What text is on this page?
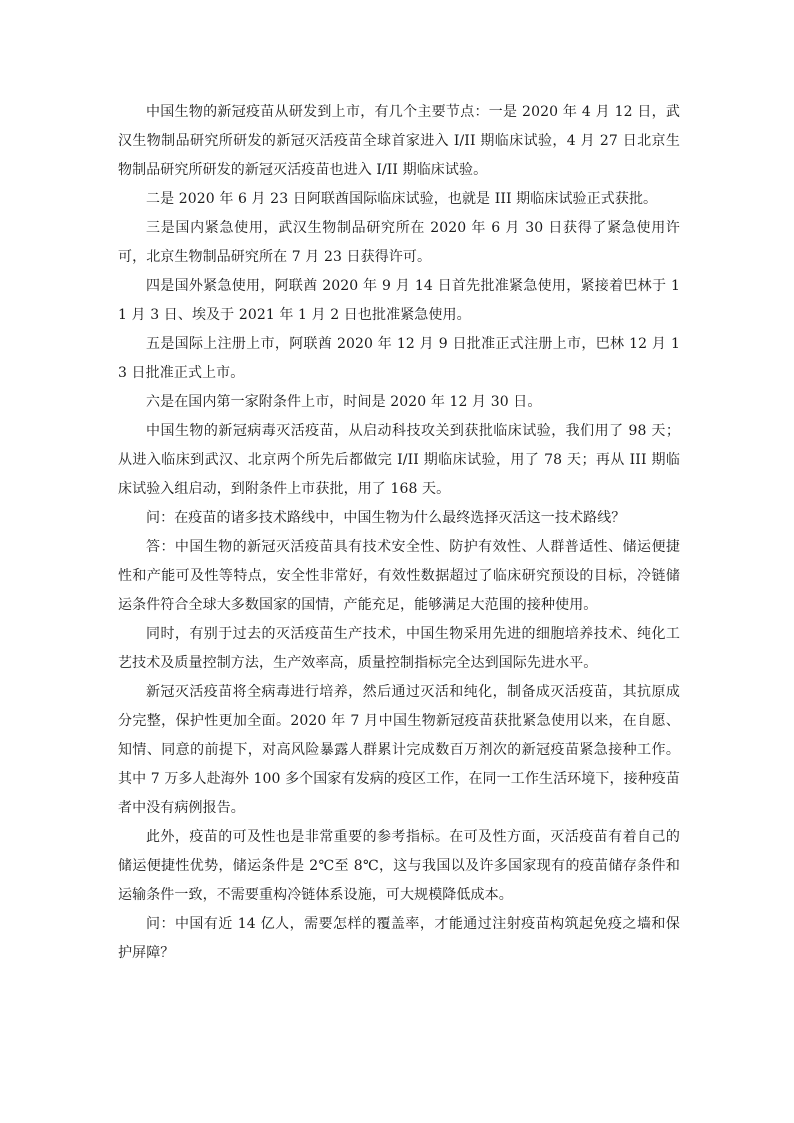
中国生物的新冠疫苗从研发到上市，有几个主要节点：一是 2020 年 4 月 12 日，武汉生物制品研究所研发的新冠灭活疫苗全球首家进入 I/II 期临床试验，4 月 27 日北京生物制品研究所研发的新冠灭活疫苗也进入 I/II 期临床试验。

二是 2020 年 6 月 23 日阿联酋国际临床试验，也就是 III 期临床试验正式获批。

三是国内紧急使用，武汉生物制品研究所在 2020 年 6 月 30 日获得了紧急使用许可，北京生物制品研究所在 7 月 23 日获得许可。

四是国外紧急使用，阿联酋 2020 年 9 月 14 日首先批准紧急使用，紧接着巴林于 11 月 3 日、埃及于 2021 年 1 月 2 日也批准紧急使用。

五是国际上注册上市，阿联酋 2020 年 12 月 9 日批准正式注册上市，巴林 12 月 13 日批准正式上市。

六是在国内第一家附条件上市，时间是 2020 年 12 月 30 日。

中国生物的新冠病毒灭活疫苗，从启动科技攻关到获批临床试验，我们用了 98 天；从进入临床到武汉、北京两个所先后都做完 I/II 期临床试验，用了 78 天；再从 III 期临床试验入组启动，到附条件上市获批，用了 168 天。

问：在疫苗的诸多技术路线中，中国生物为什么最终选择灭活这一技术路线？

答：中国生物的新冠灭活疫苗具有技术安全性、防护有效性、人群普适性、储运便捷性和产能可及性等特点，安全性非常好，有效性数据超过了临床研究预设的目标，冷链储运条件符合全球大多数国家的国情，产能充足，能够满足大范围的接种使用。

同时，有别于过去的灭活疫苗生产技术，中国生物采用先进的细胞培养技术、纯化工艺技术及质量控制方法，生产效率高，质量控制指标完全达到国际先进水平。

新冠灭活疫苗将全病毒进行培养，然后通过灭活和纯化，制备成灭活疫苗，其抗原成分完整，保护性更加全面。2020 年 7 月中国生物新冠疫苗获批紧急使用以来，在自愿、知情、同意的前提下，对高风险暴露人群累计完成数百万剂次的新冠疫苗紧急接种工作。其中 7 万多人赴海外 100 多个国家有发病的疫区工作，在同一工作生活环境下，接种疫苗者中没有病例报告。

此外，疫苗的可及性也是非常重要的参考指标。在可及性方面，灭活疫苗有着自己的储运便捷性优势，储运条件是 2℃至 8℃，这与我国以及许多国家现有的疫苗储存条件和运输条件一致，不需要重构冷链体系设施，可大规模降低成本。

问：中国有近 14 亿人，需要怎样的覆盖率，才能通过注射疫苗构筑起免疫之墙和保护屏障？
